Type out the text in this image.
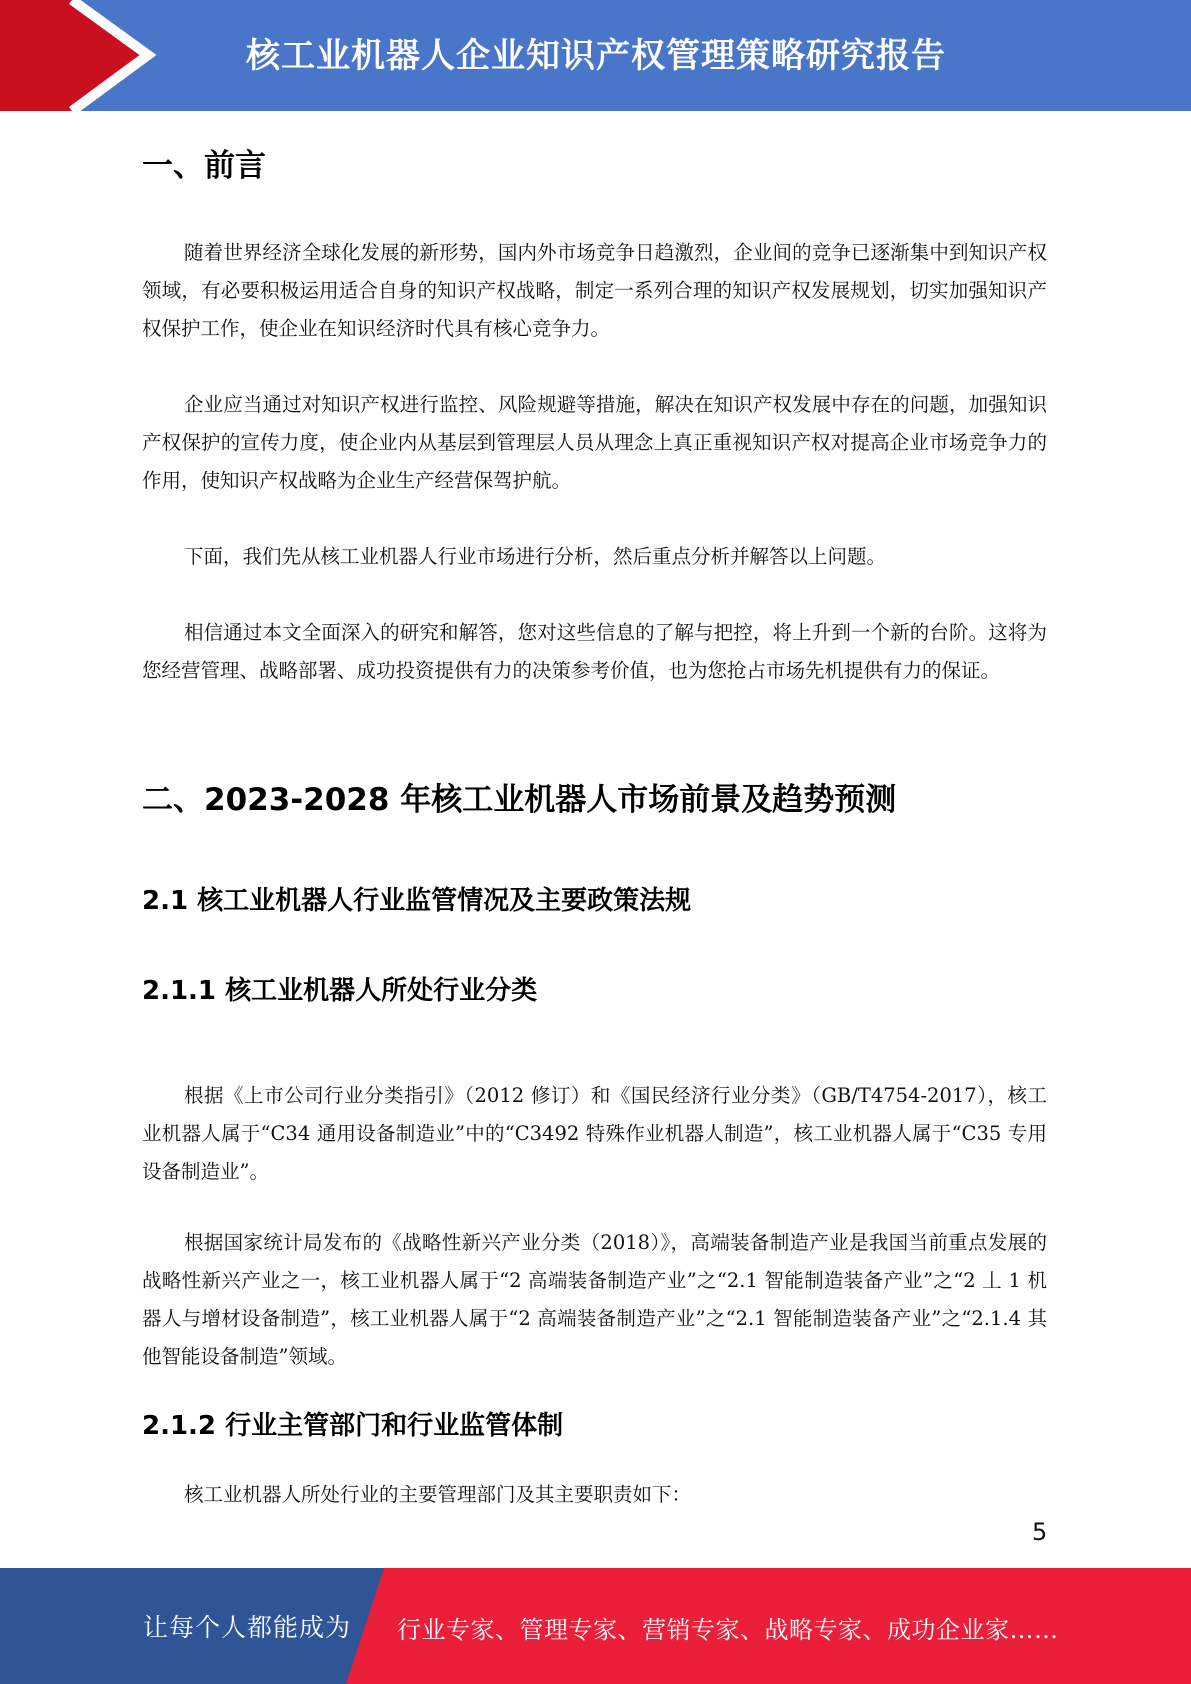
核工业机器人企业知识产权管理策略研究报告
一、前言

随着世界经济全球化发展的新形势，国内外市场竞争日趋激烈，企业间的竞争已逐渐集中到知识产权领域，有必要积极运用适合自身的知识产权战略，制定一系列合理的知识产权发展规划，切实加强知识产权保护工作，使企业在知识经济时代具有核心竞争力。

企业应当通过对知识产权进行监控、风险规避等措施，解决在知识产权发展中存在的问题，加强知识产权保护的宣传力度，使企业内从基层到管理层人员从理念上真正重视知识产权对提高企业市场竞争力的作用，使知识产权战略为企业生产经营保驾护航。

下面，我们先从核工业机器人行业市场进行分析，然后重点分析并解答以上问题。

相信通过本文全面深入的研究和解答，您对这些信息的了解与把控，将上升到一个新的台阶。这将为您经营管理、战略部署、成功投资提供有力的决策参考价值，也为您抢占市场先机提供有力的保证。

二、2023-2028 年核工业机器人市场前景及趋势预测
2.1 核工业机器人行业监管情况及主要政策法规
2.1.1 核工业机器人所处行业分类

根据《上市公司行业分类指引》（2012 修订）和《国民经济行业分类》（GB/T4754-2017），核工业机器人属于“C34 通用设备制造业”中的“C3492 特殊作业机器人制造”，核工业机器人属于“C35 专用设备制造业”。

根据国家统计局发布的《战略性新兴产业分类（2018）》，高端装备制造产业是我国当前重点发展的战略性新兴产业之一，核工业机器人属于“2 高端装备制造产业”之“2.1 智能制造装备产业”之“2 丄 1 机器人与增材设备制造”，核工业机器人属于“2 高端装备制造产业”之“2.1 智能制造装备产业”之“2.1.4 其他智能设备制造”领域。

2.1.2 行业主管部门和行业监管体制

核工业机器人所处行业的主要管理部门及其主要职责如下：

5
让每个人都能成为 行业专家、管理专家、营销专家、战略专家、成功企业家……
